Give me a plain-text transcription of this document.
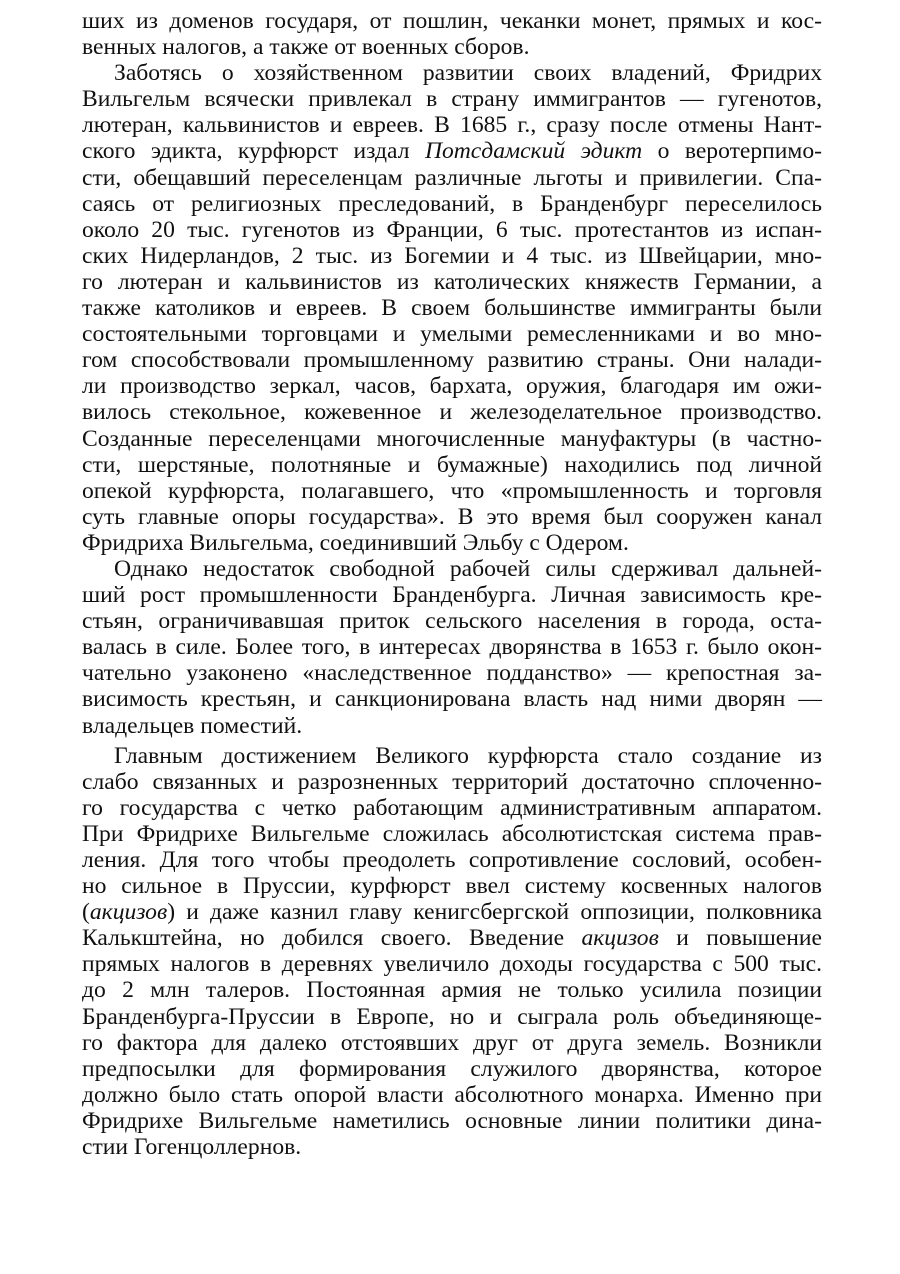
ших из доменов государя, от пошлин, чеканки монет, прямых и кос-
венных налогов, а также от военных сборов.
Заботясь о хозяйственном развитии своих владений, Фридрих
Вильгельм всячески привлекал в страну иммигрантов — гугенотов,
лютеран, кальвинистов и евреев. В 1685 г., сразу после отмены Нант-
ского эдикта, курфюрст издал Потсдамский эдикт о веротерпимо-
сти, обещавший переселенцам различные льготы и привилегии. Спа-
саясь от религиозных преследований, в Бранденбург переселилось
около 20 тыс. гугенотов из Франции, 6 тыс. протестантов из испан-
ских Нидерландов, 2 тыс. из Богемии и 4 тыс. из Швейцарии, мно-
го лютеран и кальвинистов из католических княжеств Германии, а
также католиков и евреев. В своем большинстве иммигранты были
состоятельными торговцами и умелыми ремесленниками и во мно-
гом способствовали промышленному развитию страны. Они налади-
ли производство зеркал, часов, бархата, оружия, благодаря им ожи-
вилось стекольное, кожевенное и железоделательное производство.
Созданные переселенцами многочисленные мануфактуры (в частно-
сти, шерстяные, полотняные и бумажные) находились под личной
опекой курфюрста, полагавшего, что «промышленность и торговля
суть главные опоры государства». В это время был сооружен канал
Фридриха Вильгельма, соединивший Эльбу с Одером.
Однако недостаток свободной рабочей силы сдерживал дальней-
ший рост промышленности Бранденбурга. Личная зависимость кре-
стьян, ограничивавшая приток сельского населения в города, оста-
валась в силе. Более того, в интересах дворянства в 1653 г. было окон-
чательно узаконено «наследственное подданство» — крепостная за-
висимость крестьян, и санкционирована власть над ними дворян —
владельцев поместий.
Главным достижением Великого курфюрста стало создание из
слабо связанных и разрозненных территорий достаточно сплоченно-
го государства с четко работающим административным аппаратом.
При Фридрихе Вильгельме сложилась абсолютистская система прав-
ления. Для того чтобы преодолеть сопротивление сословий, особен-
но сильное в Пруссии, курфюрст ввел систему косвенных налогов
(акцизов) и даже казнил главу кенигсбергской оппозиции, полковника
Калькштейна, но добился своего. Введение акцизов и повышение
прямых налогов в деревнях увеличило доходы государства с 500 тыс.
до 2 млн талеров. Постоянная армия не только усилила позиции
Бранденбурга-Пруссии в Европе, но и сыграла роль объединяюще-
го фактора для далеко отстоявших друг от друга земель. Возникли
предпосылки для формирования служилого дворянства, которое
должно было стать опорой власти абсолютного монарха. Именно при
Фридрихе Вильгельме наметились основные линии политики дина-
стии Гогенцоллернов.
